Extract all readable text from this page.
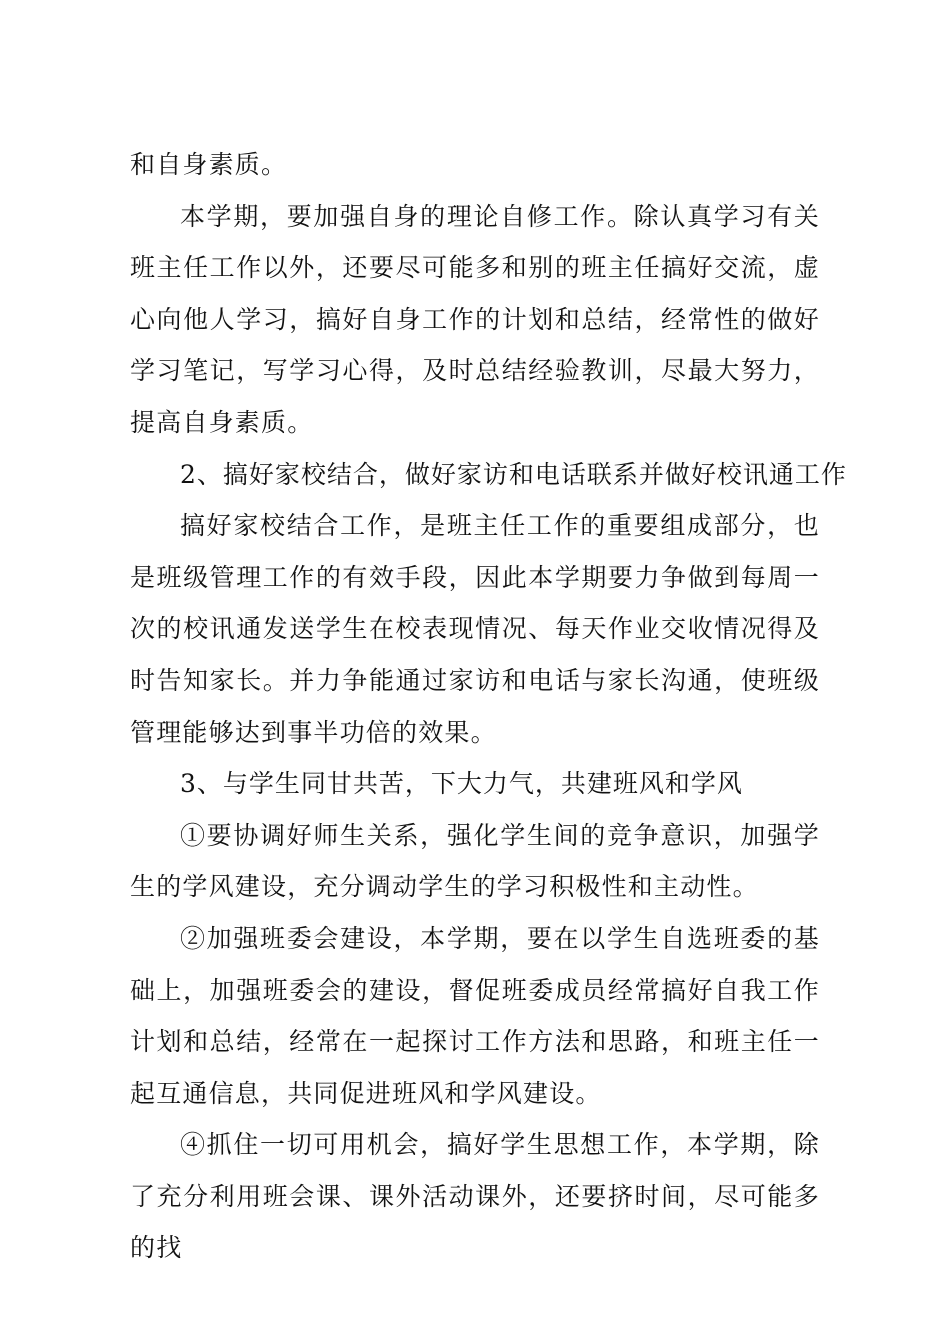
和自身素质。

本学期，要加强自身的理论自修工作。除认真学习有关班主任工作以外，还要尽可能多和别的班主任搞好交流，虚心向他人学习，搞好自身工作的计划和总结，经常性的做好学习笔记，写学习心得，及时总结经验教训，尽最大努力，提高自身素质。

2、搞好家校结合，做好家访和电话联系并做好校讯通工作

搞好家校结合工作，是班主任工作的重要组成部分，也是班级管理工作的有效手段，因此本学期要力争做到每周一次的校讯通发送学生在校表现情况、每天作业交收情况得及时告知家长。并力争能通过家访和电话与家长沟通，使班级管理能够达到事半功倍的效果。

3、与学生同甘共苦，下大力气，共建班风和学风

①要协调好师生关系，强化学生间的竞争意识，加强学生的学风建设，充分调动学生的学习积极性和主动性。

②加强班委会建设，本学期，要在以学生自选班委的基础上，加强班委会的建设，督促班委成员经常搞好自我工作计划和总结，经常在一起探讨工作方法和思路，和班主任一起互通信息，共同促进班风和学风建设。

④抓住一切可用机会，搞好学生思想工作，本学期，除了充分利用班会课、课外活动课外，还要挤时间，尽可能多的找
